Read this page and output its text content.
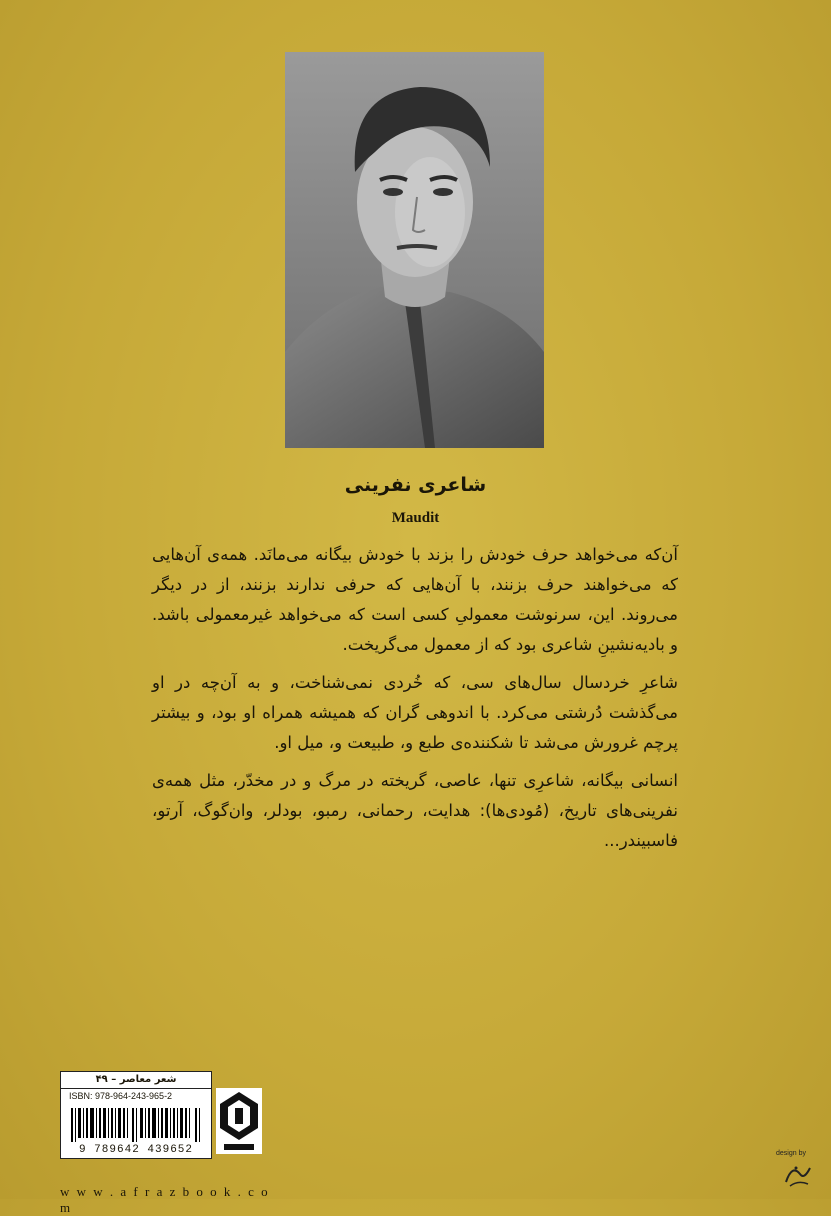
شاعری نفرینی
Maudit

آن‌که می‌خواهد حرف خودش را بزند با خودش بیگانه می‌مانَد. همه‌ی آن‌هایی که می‌خواهند حرف بزنند، با آن‌هایی که حرفی ندارند بزنند، از در دیگر می‌روند. این، سرنوشت معمولیِ کسی است که می‌خواهد غیرمعمولی باشد. و بادیه‌نشینِ شاعری بود که از معمول می‌گریخت.

شاعرِ خردسال سال‌های سی، که خُردی نمی‌شناخت، و به آن‌چه در او می‌گذشت دُرشتی می‌کرد. با اندوهی گران که همیشه همراه او بود، و بیشتر پرچم غرورش می‌شد تا شکننده‌ی طبع و، طبیعت و، میل او.

انسانی بیگانه، شاعرِی تنها، عاصی، گریخته در مرگ و در مخدّر، مثل همه‌ی نفرینی‌های تاریخ، (مُودی‌ها): هدایت، رحمانی، رمبو، بودلر، وان‌گوگ، آرتو، فاسبیندر...

شعر معاصر – ۴۹
ISBN: 978-964-243-965-2
9 789642 439652
w w w . a f r a z b o o k . c o m
design by
